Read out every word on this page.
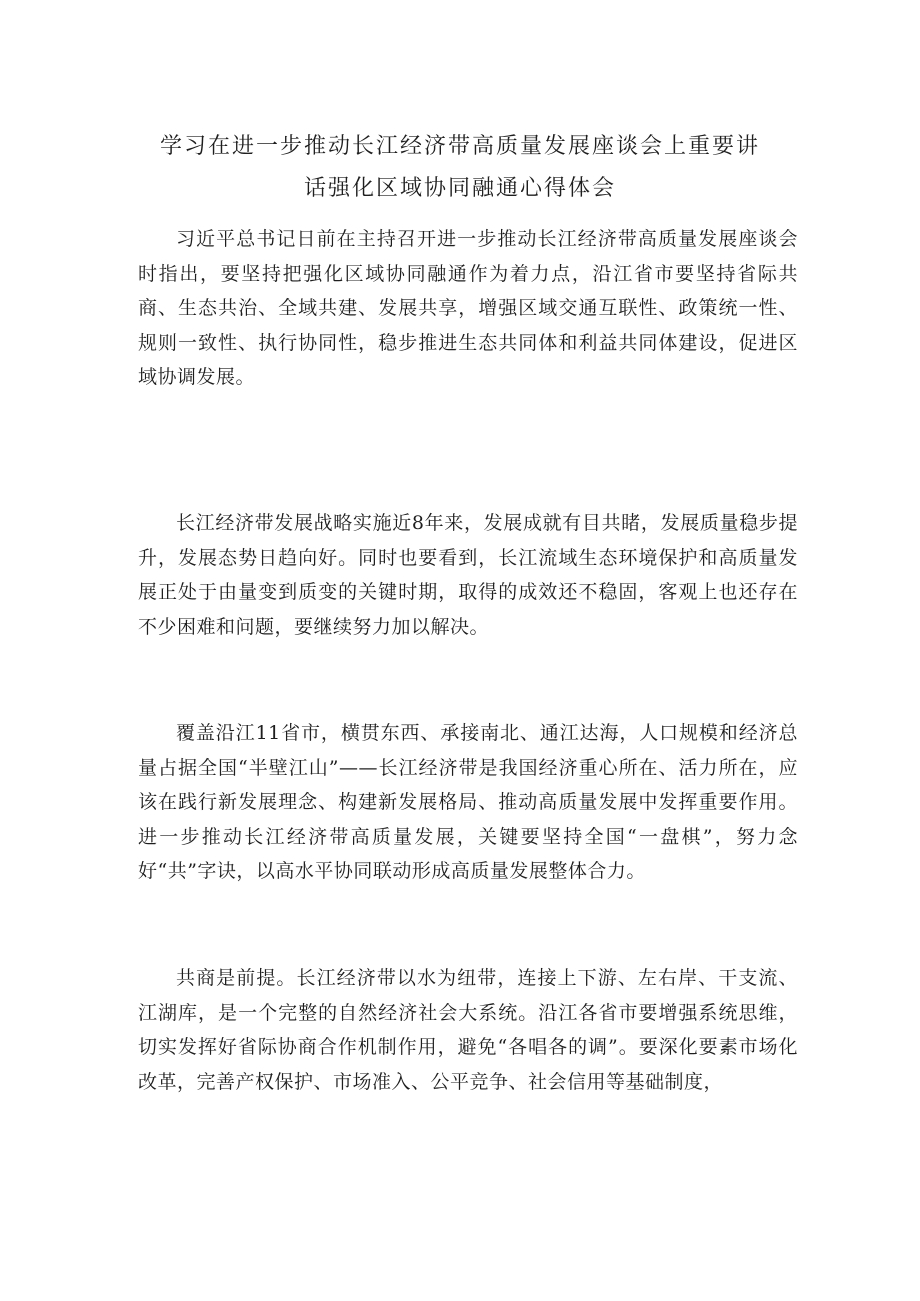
学习在进一步推动长江经济带高质量发展座谈会上重要讲
话强化区域协同融通心得体会

习近平总书记日前在主持召开进一步推动长江经济带高质量发展座谈会时指出，要坚持把强化区域协同融通作为着力点，沿江省市要坚持省际共商、生态共治、全域共建、发展共享，增强区域交通互联性、政策统一性、规则一致性、执行协同性，稳步推进生态共同体和利益共同体建设，促进区域协调发展。

长江经济带发展战略实施近8年来，发展成就有目共睹，发展质量稳步提升，发展态势日趋向好。同时也要看到，长江流域生态环境保护和高质量发展正处于由量变到质变的关键时期，取得的成效还不稳固，客观上也还存在不少困难和问题，要继续努力加以解决。

覆盖沿江11省市，横贯东西、承接南北、通江达海，人口规模和经济总量占据全国“半壁江山”——长江经济带是我国经济重心所在、活力所在，应该在践行新发展理念、构建新发展格局、推动高质量发展中发挥重要作用。进一步推动长江经济带高质量发展，关键要坚持全国“一盘棋”，努力念好“共”字诀，以高水平协同联动形成高质量发展整体合力。

共商是前提。长江经济带以水为纽带，连接上下游、左右岸、干支流、江湖库，是一个完整的自然经济社会大系统。沿江各省市要增强系统思维，切实发挥好省际协商合作机制作用，避免“各唱各的调”。要深化要素市场化改革，完善产权保护、市场准入、公平竞争、社会信用等基础制度，
